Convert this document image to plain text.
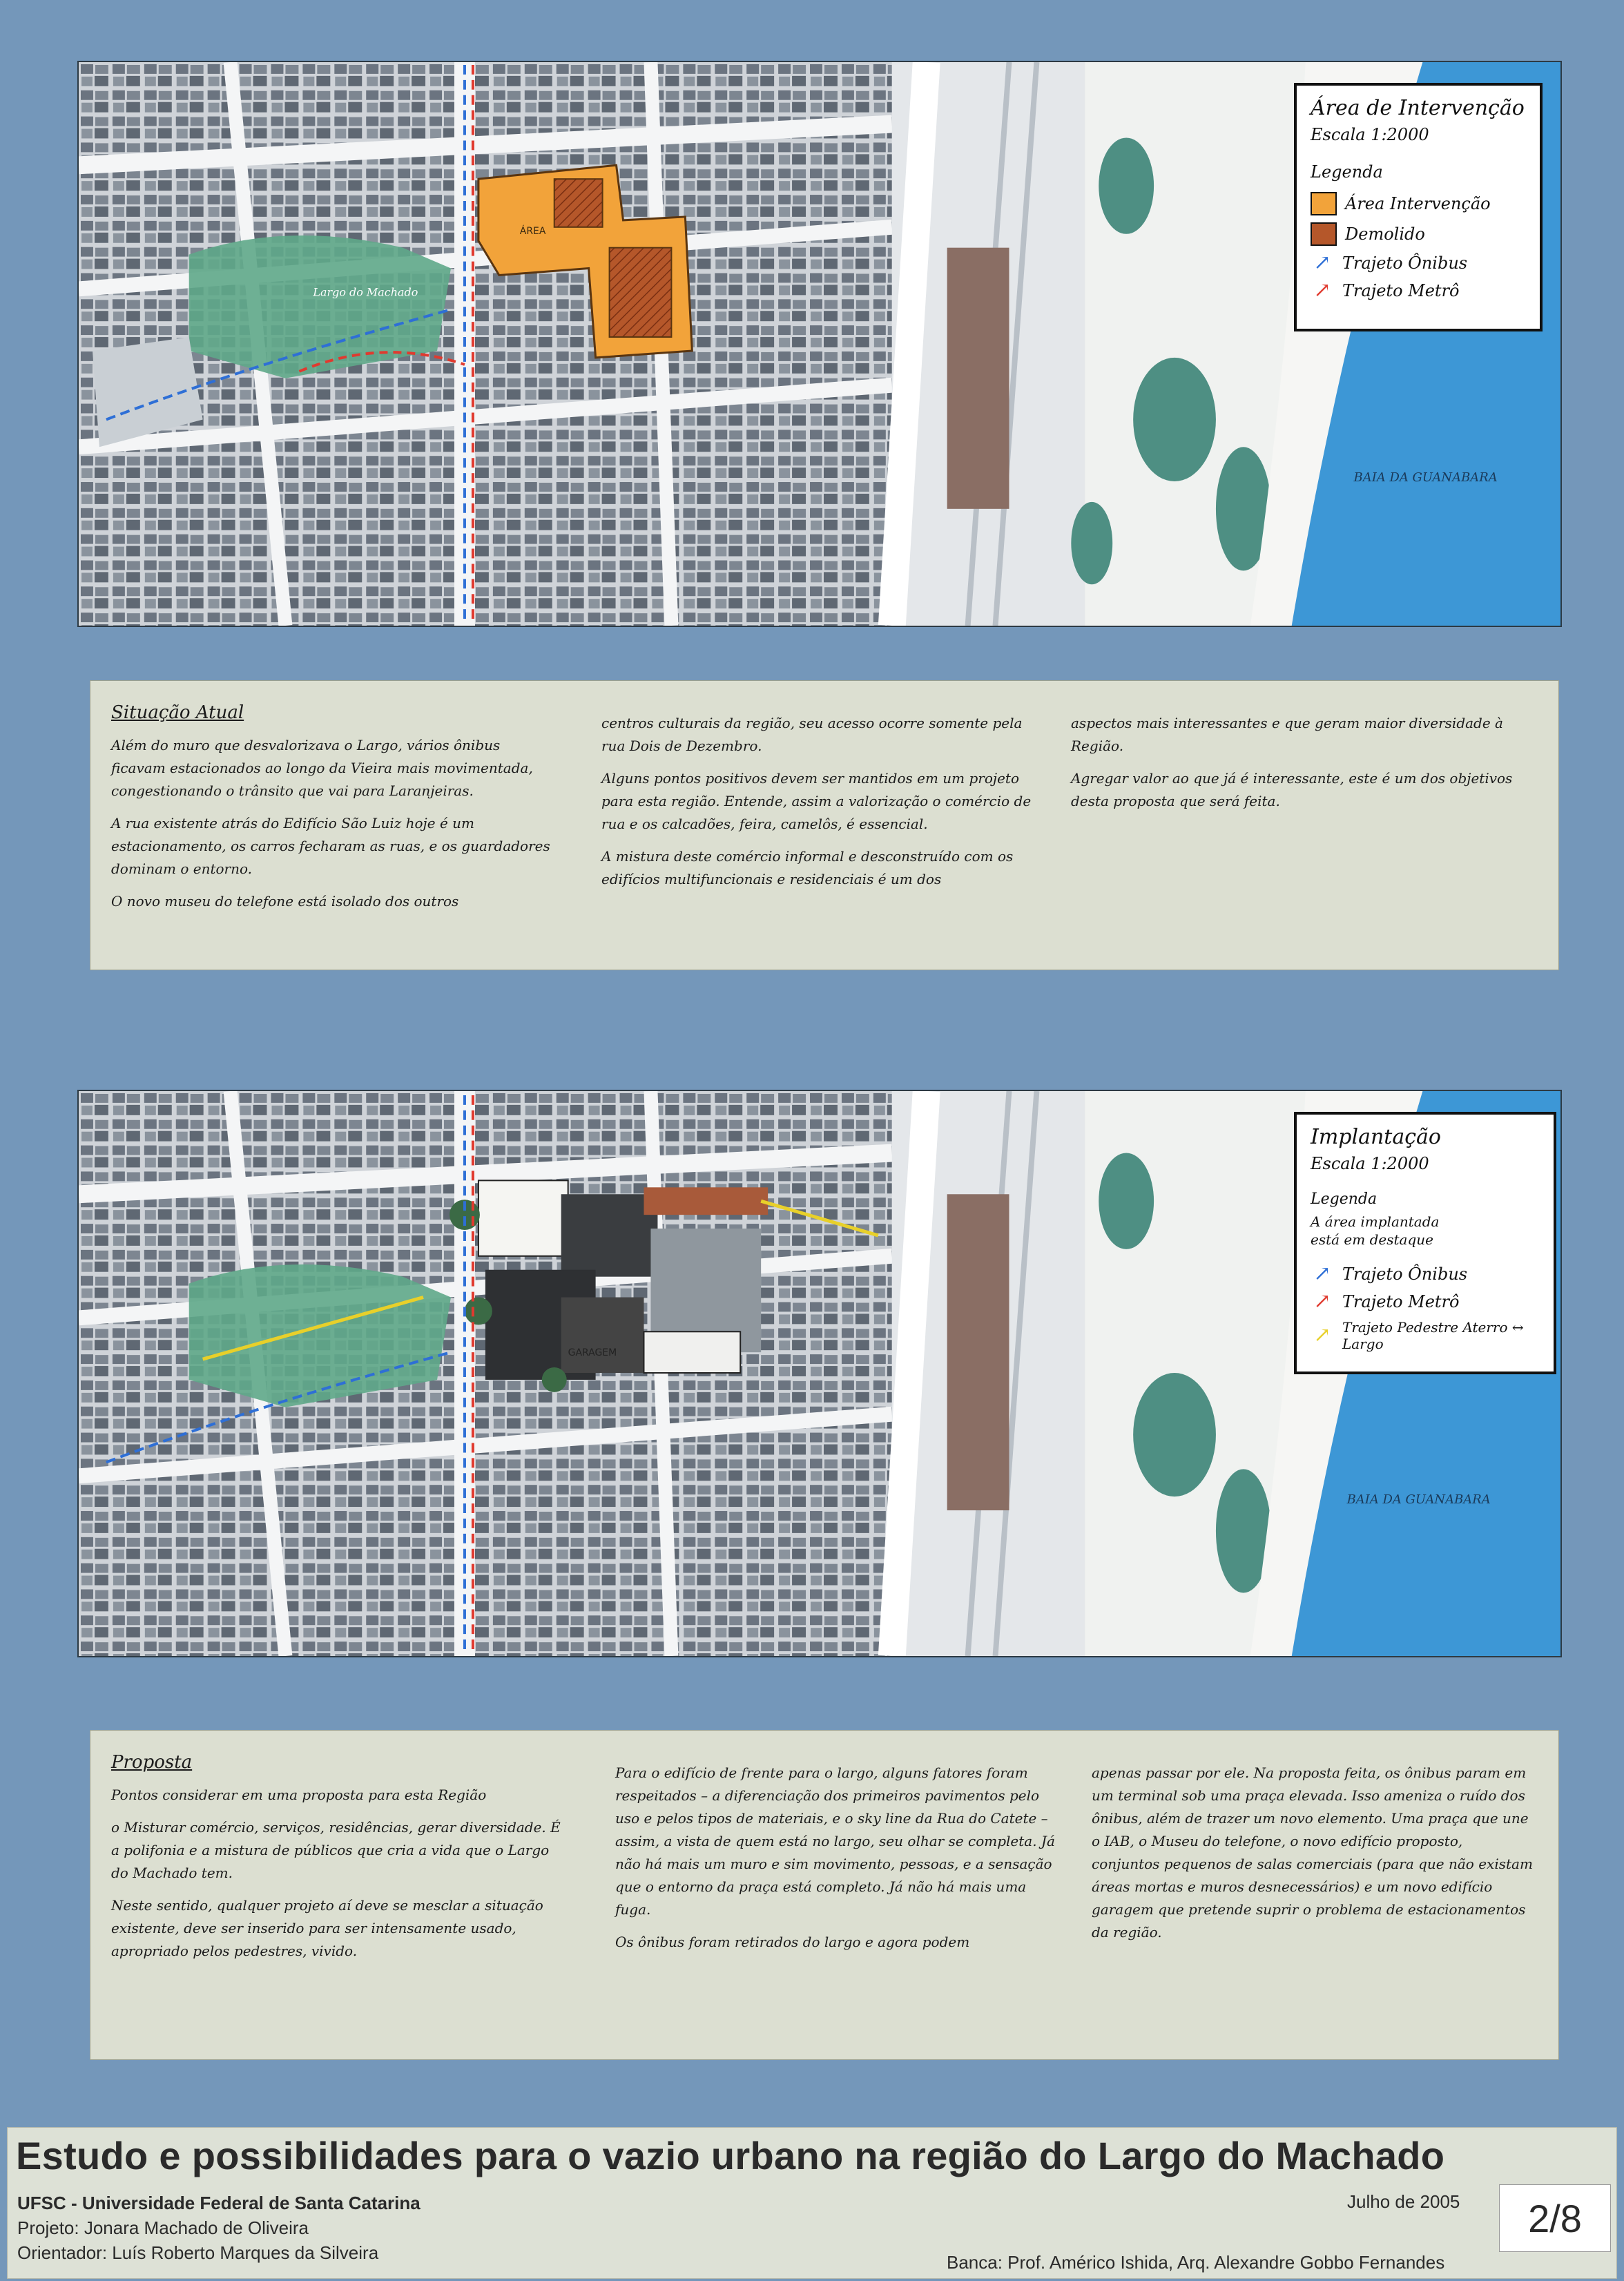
BAIA DA GUANABARA
ÁREA
Largo do Machado
Área de Intervenção
Escala 1:2000
Legenda
Área Intervenção
Demolido
↗ Trajeto Ônibus
↗ Trajeto Metrô
Situação Atual

Além do muro que desvalorizava o Largo, vários ônibus ficavam estacionados ao longo da Vieira mais movimentada, congestionando o trânsito que vai para Laranjeiras.

A rua existente atrás do Edifício São Luiz hoje é um estacionamento, os carros fecharam as ruas, e os guardadores dominam o entorno.

O novo museu do telefone está isolado dos outros

centros culturais da região, seu acesso ocorre somente pela rua Dois de Dezembro.

Alguns pontos positivos devem ser mantidos em um projeto para esta região. Entende, assim a valorização o comércio de rua e os calcadões, feira, camelôs, é essencial.

A mistura deste comércio informal e desconstruído com os edifícios multifuncionais e residenciais é um dos

aspectos mais interessantes e que geram maior diversidade à Região.

Agregar valor ao que já é interessante, este é um dos objetivos desta proposta que será feita.

BAIA DA GUANABARA
GARAGEM
Implantação
Escala 1:2000
Legenda
A área implantada está em destaque
↗ Trajeto Ônibus
↗ Trajeto Metrô
↗ Trajeto Pedestre Aterro ↔ Largo
Proposta

Pontos considerar em uma proposta para esta Região

o Misturar comércio, serviços, residências, gerar diversidade. É a polifonia e a mistura de públicos que cria a vida que o Largo do Machado tem.

Neste sentido, qualquer projeto aí deve se mesclar a situação existente, deve ser inserido para ser intensamente usado, apropriado pelos pedestres, vivido.

Para o edifício de frente para o largo, alguns fatores foram respeitados – a diferenciação dos primeiros pavimentos pelo uso e pelos tipos de materiais, e o sky line da Rua do Catete – assim, a vista de quem está no largo, seu olhar se completa. Já não há mais um muro e sim movimento, pessoas, e a sensação que o entorno da praça está completo. Já não há mais uma fuga.

Os ônibus foram retirados do largo e agora podem

apenas passar por ele. Na proposta feita, os ônibus param em um terminal sob uma praça elevada. Isso ameniza o ruído dos ônibus, além de trazer um novo elemento. Uma praça que une o IAB, o Museu do telefone, o novo edifício proposto, conjuntos pequenos de salas comerciais (para que não existam áreas mortas e muros desnecessários) e um novo edifício garagem que pretende suprir o problema de estacionamentos da região.

Estudo e possibilidades para o vazio urbano na região do Largo do Machado
UFSC - Universidade Federal de Santa Catarina
Projeto: Jonara Machado de Oliveira
Orientador: Luís Roberto Marques da Silveira
Julho de 2005
Banca: Prof. Américo Ishida, Arq. Alexandre Gobbo Fernandes
2/8
